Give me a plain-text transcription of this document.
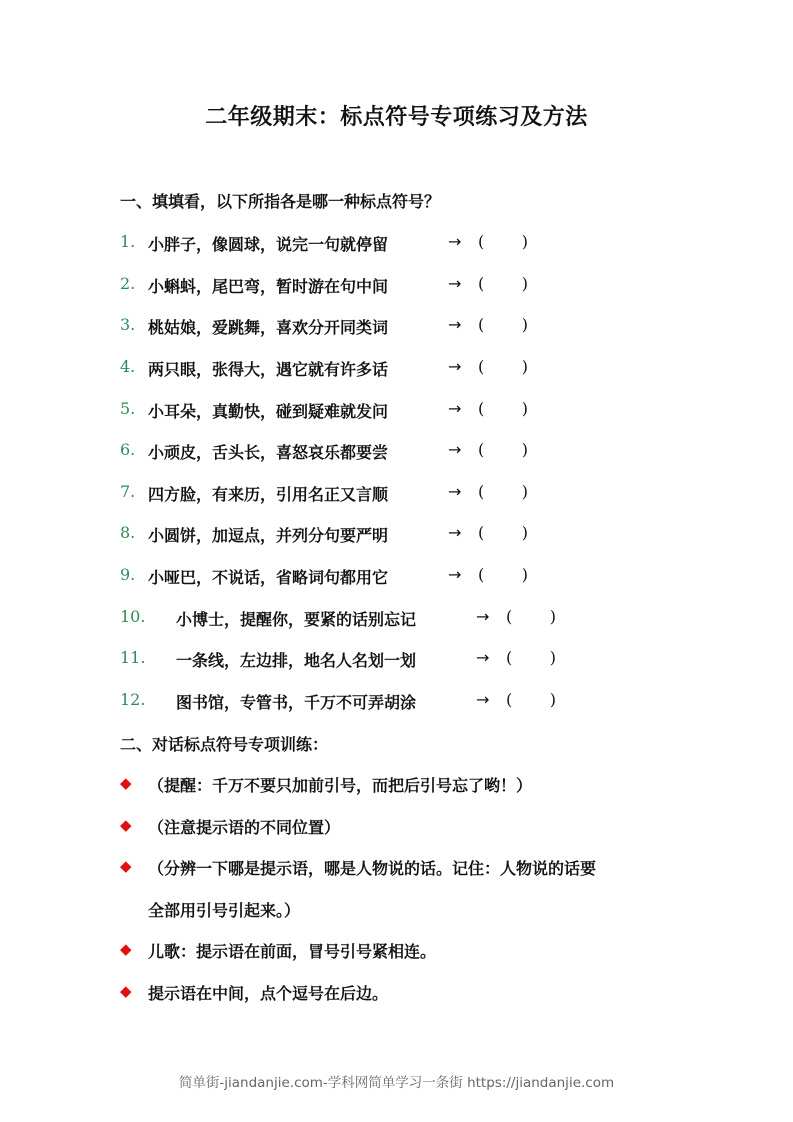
二年级期末：标点符号专项练习及方法
一、填填看，以下所指各是哪一种标点符号？
1. 小胖子，像圆球，说完一句就停留	→ ( )
2. 小蝌蚪，尾巴弯，暂时游在句中间	→ ( )
3. 桃姑娘，爱跳舞，喜欢分开同类词	→ ( )
4. 两只眼，张得大，遇它就有许多话	→ ( )
5. 小耳朵，真勤快，碰到疑难就发问	→ ( )
6. 小顽皮，舌头长，喜怒哀乐都要尝	→ ( )
7. 四方脸，有来历，引用名正又言顺	→ ( )
8. 小圆饼，加逗点，并列分句要严明	→ ( )
9. 小哑巴，不说话，省略词句都用它	→ ( )
10. 小博士，提醒你，要紧的话别忘记	→ ( )
11. 一条线，左边排，地名人名划一划	→ ( )
12. 图书馆，专管书，千万不可弄胡涂	→ ( )
二、对话标点符号专项训练：
◆ （提醒：千万不要只加前引号，而把后引号忘了哟！）
◆ （注意提示语的不同位置）
◆ （分辨一下哪是提示语，哪是人物说的话。记住：人物说的话要
全部用引号引起来。）
◆ 儿歌：提示语在前面，冒号引号紧相连。
◆ 提示语在中间，点个逗号在后边。
简单街-jiandanjie.com-学科网简单学习一条街 https://jiandanjie.com
